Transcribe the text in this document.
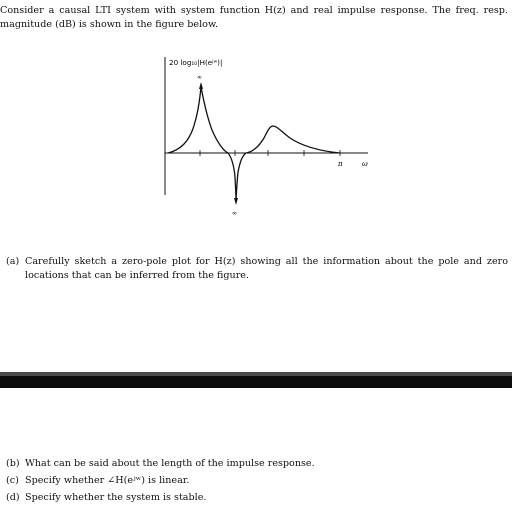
Consider a causal LTI system with system function H(z) and real impulse response. The freq. resp.
magnitude (dB) is shown in the figure below.
20 log₁₀|H(eʲʷ)|
∞
∞
π	ω
(a) Carefully sketch a zero-pole plot for H(z) showing all the information about the pole and zero
locations that can be inferred from the figure.
(b) What can be said about the length of the impulse response.
(c) Specify whether ∠H(eʲʷ) is linear.
(d) Specify whether the system is stable.
